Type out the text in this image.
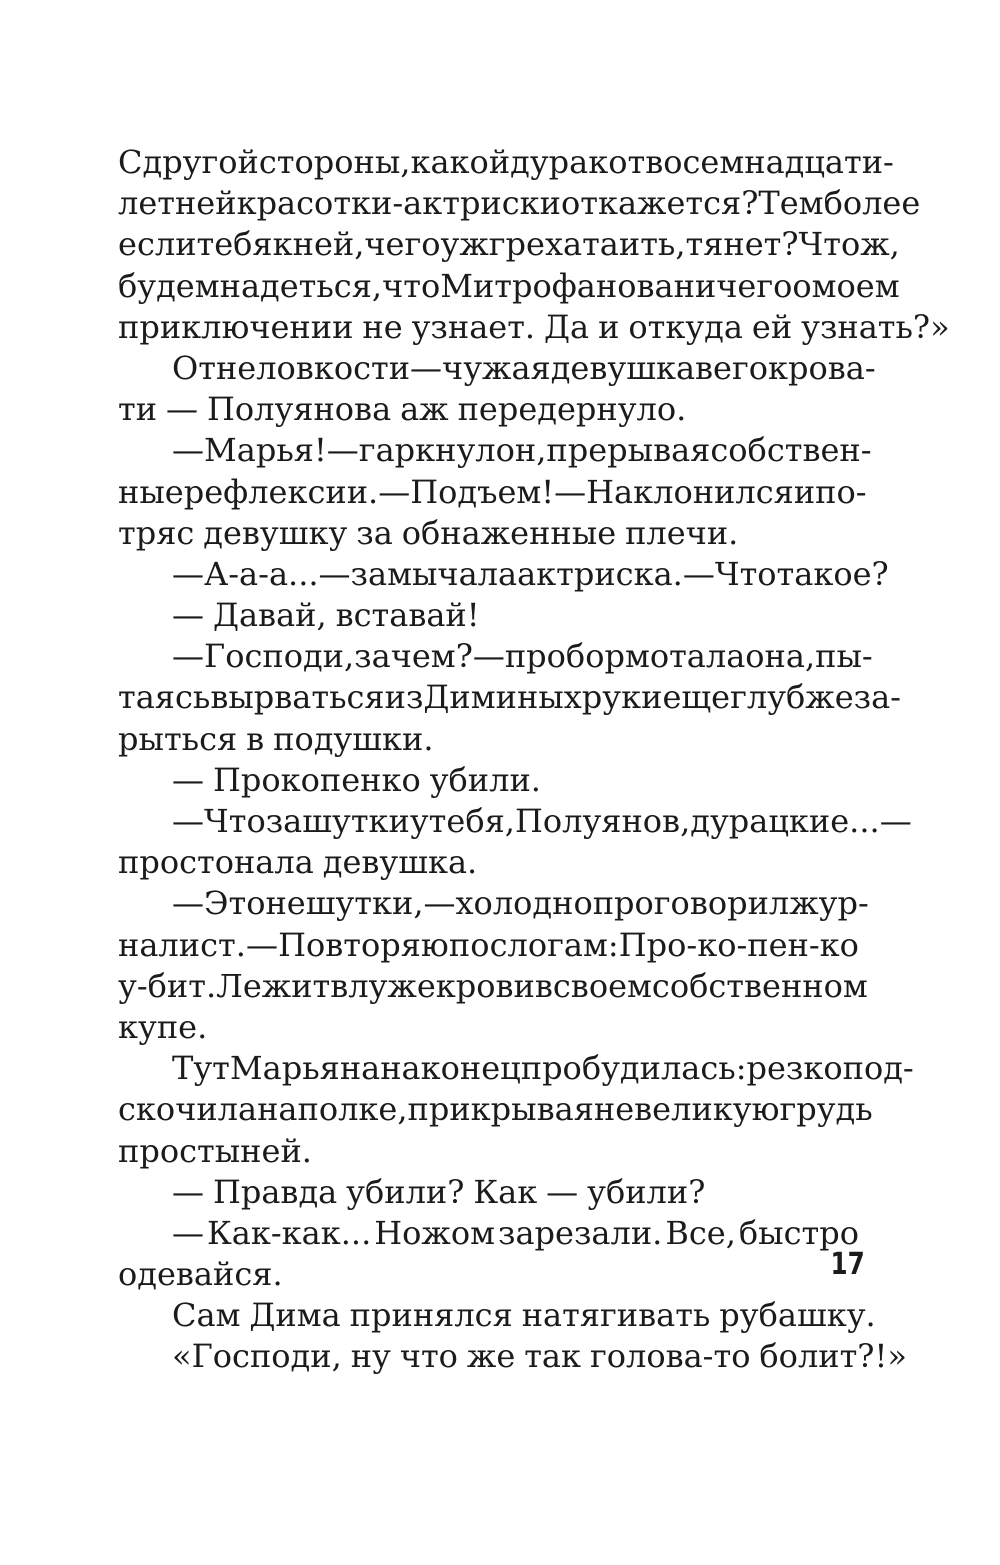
С другой стороны, какой дурак от восемнадцати-
летней красотки-актриски откажется? Тем более
если тебя к ней, чего уж греха таить, тянет? Что ж,
будем надеться, что Митрофанова ничего о моем
приключении не узнает. Да и откуда ей узнать?»
От неловкости — чужая девушка в его крова-
ти — Полуянова аж передернуло.
— Марья! — гаркнул он, прерывая собствен-
ные рефлексии. — Подъем! — Наклонился и по-
тряс девушку за обнаженные плечи.
— А-а-а... — замычала актриска. — Что такое?
— Давай, вставай!
— Господи, зачем? — пробормотала она, пы-
таясь вырваться из Диминых рук и еще глубже за-
рыться в подушки.
— Прокопенко убили.
— Что за шутки у тебя, Полуянов, дурацкие... —
простонала девушка.
— Это не шутки, — холодно проговорил жур-
налист. — Повторяю по слогам: Про-ко-пен-ко
у-бит. Лежит в луже крови в своем собственном
купе.
Тут Марьяна наконец пробудилась: резко под-
скочила на полке, прикрывая невеликую грудь
простыней.
— Правда убили? Как — убили?
— Как-как... Ножом зарезали. Все, быстро
одевайся.
Сам Дима принялся натягивать рубашку.
«Господи, ну что же так голова-то болит?!»
17
